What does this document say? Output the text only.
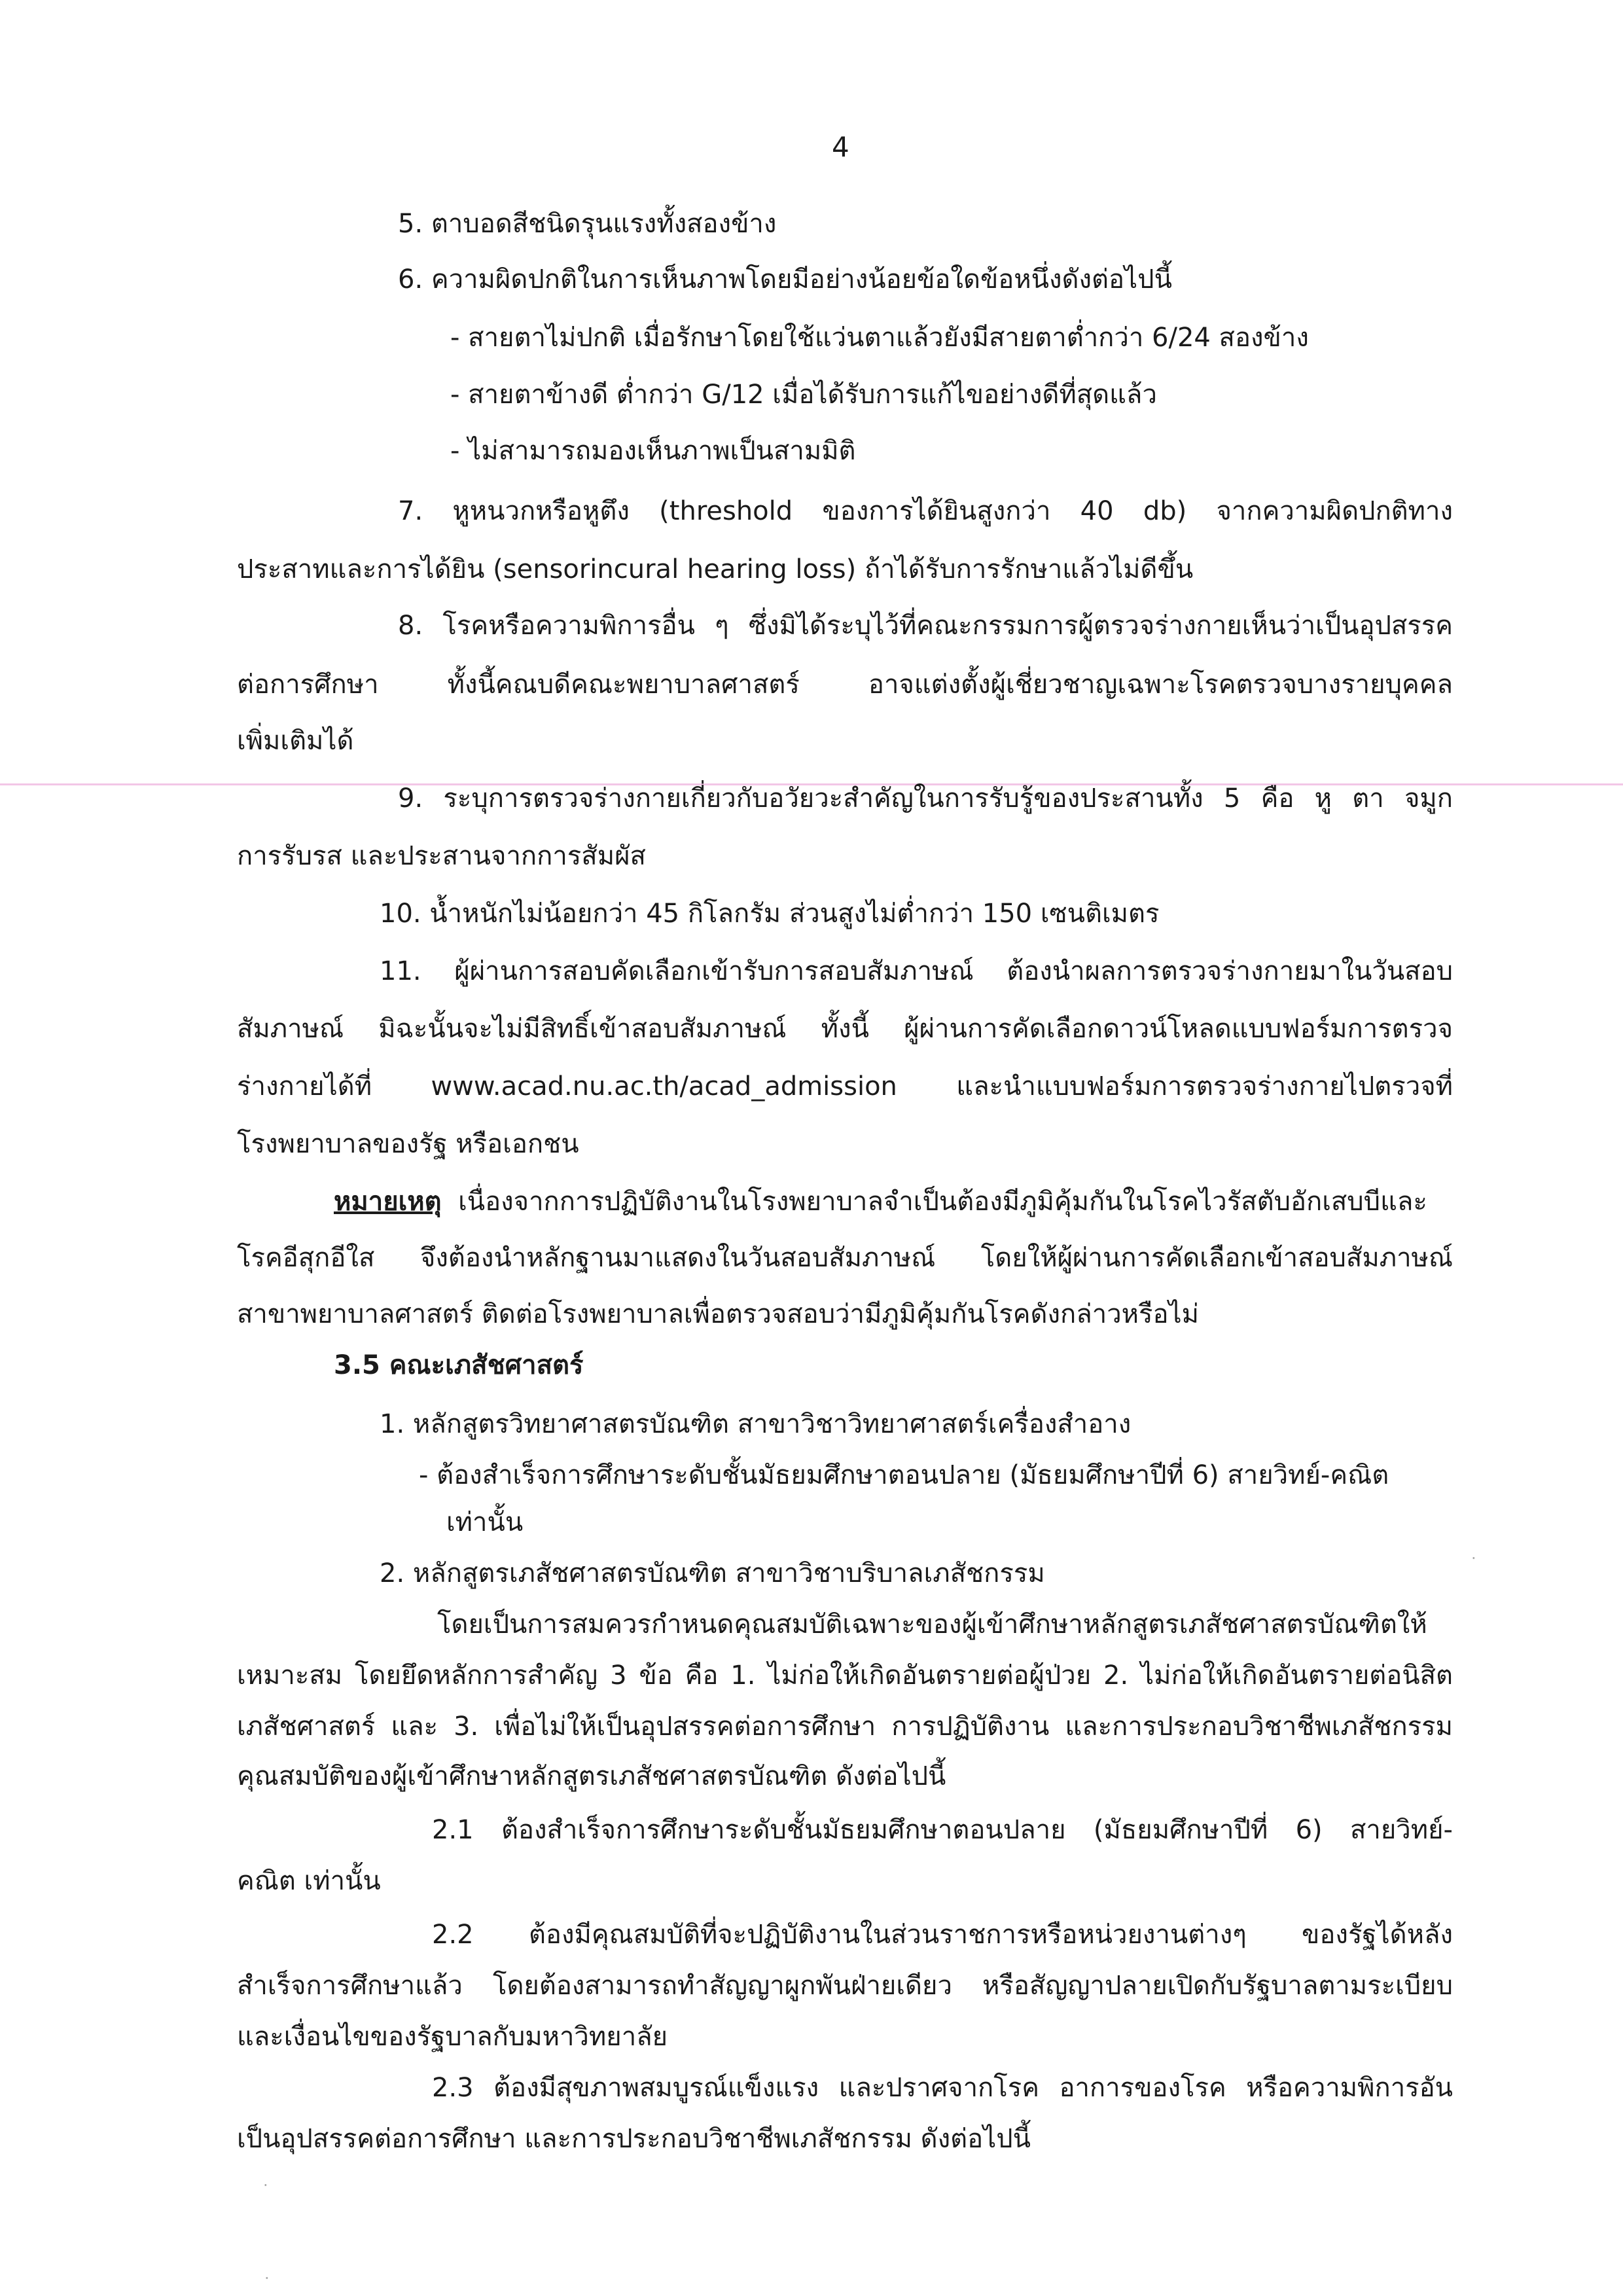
4
5. ตาบอดสีชนิดรุนแรงทั้งสองข้าง
6. ความผิดปกติในการเห็นภาพโดยมีอย่างน้อยข้อใดข้อหนึ่งดังต่อไปนี้
- สายตาไม่ปกติ เมื่อรักษาโดยใช้แว่นตาแล้วยังมีสายตาต่ำกว่า 6/24 สองข้าง
- สายตาข้างดี ต่ำกว่า G/12 เมื่อได้รับการแก้ไขอย่างดีที่สุดแล้ว
- ไม่สามารถมองเห็นภาพเป็นสามมิติ
7. หูหนวกหรือหูตึง (threshold ของการได้ยินสูงกว่า 40 db) จากความผิดปกติทาง
ประสาทและการได้ยิน (sensorincural hearing loss) ถ้าได้รับการรักษาแล้วไม่ดีขึ้น
8. โรคหรือความพิการอื่น ๆ ซึ่งมิได้ระบุไว้ที่คณะกรรมการผู้ตรวจร่างกายเห็นว่าเป็นอุปสรรค
ต่อการศึกษา ทั้งนี้คณบดีคณะพยาบาลศาสตร์ อาจแต่งตั้งผู้เชี่ยวชาญเฉพาะโรคตรวจบางรายบุคคล
เพิ่มเติมได้
9. ระบุการตรวจร่างกายเกี่ยวกับอวัยวะสำคัญในการรับรู้ของประสานทั้ง 5 คือ หู ตา จมูก
การรับรส และประสานจากการสัมผัส
10. น้ำหนักไม่น้อยกว่า 45 กิโลกรัม ส่วนสูงไม่ต่ำกว่า 150 เซนติเมตร
11. ผู้ผ่านการสอบคัดเลือกเข้ารับการสอบสัมภาษณ์ ต้องนำผลการตรวจร่างกายมาในวันสอบ
สัมภาษณ์ มิฉะนั้นจะไม่มีสิทธิ์เข้าสอบสัมภาษณ์ ทั้งนี้ ผู้ผ่านการคัดเลือกดาวน์โหลดแบบฟอร์มการตรวจ
ร่างกายได้ที่ www.acad.nu.ac.th/acad_admission และนำแบบฟอร์มการตรวจร่างกายไปตรวจที่
โรงพยาบาลของรัฐ หรือเอกชน
หมายเหตุ เนื่องจากการปฏิบัติงานในโรงพยาบาลจำเป็นต้องมีภูมิคุ้มกันในโรคไวรัสตับอักเสบบีและ
โรคอีสุกอีใส จึงต้องนำหลักฐานมาแสดงในวันสอบสัมภาษณ์ โดยให้ผู้ผ่านการคัดเลือกเข้าสอบสัมภาษณ์
สาขาพยาบาลศาสตร์ ติดต่อโรงพยาบาลเพื่อตรวจสอบว่ามีภูมิคุ้มกันโรคดังกล่าวหรือไม่
3.5 คณะเภสัชศาสตร์
1. หลักสูตรวิทยาศาสตรบัณฑิต สาขาวิชาวิทยาศาสตร์เครื่องสำอาง
- ต้องสำเร็จการศึกษาระดับชั้นมัธยมศึกษาตอนปลาย (มัธยมศึกษาปีที่ 6) สายวิทย์-คณิต
เท่านั้น
2. หลักสูตรเภสัชศาสตรบัณฑิต สาขาวิชาบริบาลเภสัชกรรม
โดยเป็นการสมควรกำหนดคุณสมบัติเฉพาะของผู้เข้าศึกษาหลักสูตรเภสัชศาสตรบัณฑิตให้
เหมาะสม โดยยึดหลักการสำคัญ 3 ข้อ คือ 1. ไม่ก่อให้เกิดอันตรายต่อผู้ป่วย 2. ไม่ก่อให้เกิดอันตรายต่อนิสิต
เภสัชศาสตร์ และ 3. เพื่อไม่ให้เป็นอุปสรรคต่อการศึกษา การปฏิบัติงาน และการประกอบวิชาชีพเภสัชกรรม
คุณสมบัติของผู้เข้าศึกษาหลักสูตรเภสัชศาสตรบัณฑิต ดังต่อไปนี้
2.1 ต้องสำเร็จการศึกษาระดับชั้นมัธยมศึกษาตอนปลาย (มัธยมศึกษาปีที่ 6) สายวิทย์-
คณิต เท่านั้น
2.2 ต้องมีคุณสมบัติที่จะปฏิบัติงานในส่วนราชการหรือหน่วยงานต่างๆ ของรัฐได้หลัง
สำเร็จการศึกษาแล้ว โดยต้องสามารถทำสัญญาผูกพันฝ่ายเดียว หรือสัญญาปลายเปิดกับรัฐบาลตามระเบียบ
และเงื่อนไขของรัฐบาลกับมหาวิทยาลัย
2.3 ต้องมีสุขภาพสมบูรณ์แข็งแรง และปราศจากโรค อาการของโรค หรือความพิการอัน
เป็นอุปสรรคต่อการศึกษา และการประกอบวิชาชีพเภสัชกรรม ดังต่อไปนี้
.
.
.
